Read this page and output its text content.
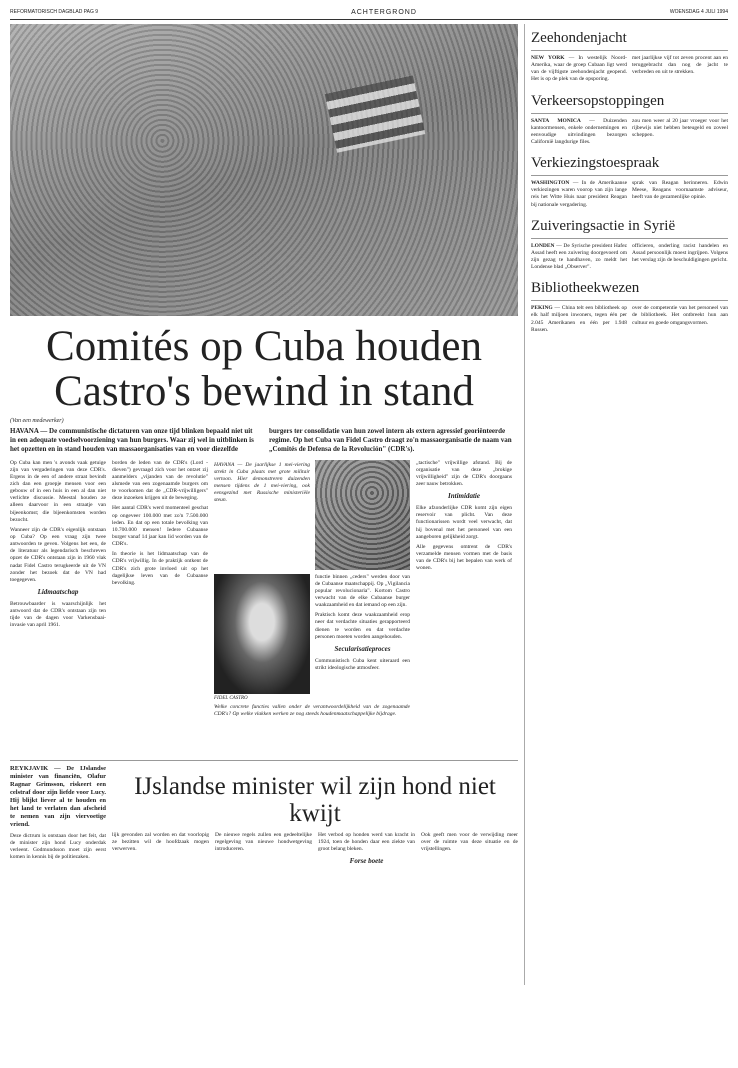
REFORMATORISCH DAGBLAD PAG 9	ACHTERGROND	WOENSDAG 4 JULI 1994
Comités op Cuba houden Castro's bewind in stand
(Van een medewerker)
HAVANA — De communistische dictaturen van onze tijd blinken bepaald niet uit in een adequate voedselvoorziening van hun burgers. Waar zij wel in uitblinken is het opzetten en in stand houden van massaorganisaties van en voor diezelfde burgers ter consolidatie van hun zowel intern als extern agressief georiënteerde regime. Op het Cuba van Fidel Castro draagt zo'n massaorganisatie de naam van „Comités de Defensa de la Revolución" (CDR's).

Op Cuba kan men 's avonds vaak getuige zijn van vergaderingen van deze CDR's. Ergens in de een of andere straat bevindt zich dan een groepje mensen voor een gebouw of in een huis in een al dan niet verlichte discussie. Meestal houden ze alleen daarvoor in een straatje van bijeenkomst; die bijeenkomsten worden bezocht.

Wanneer zijn de CDR's eigenlijk ontstaan op Cuba? Op een vraag zijn twee antwoorden te geven. Volgens het een, de de literatuur als legendarisch beschreven opzet de CDR's ontstaan zijn in 1960 vlak nadat Fidel Castro terugkeerde uit de VN zonder het bezoek dat de VN had toegegeven.

Lidmaatschap

Betrouwbaarder is waarschijnlijk het antwoord dat de CDR's ontstaan zijn ten tijde van de dagen voor Varkensbaai-invasie van april 1961.

borden de leden van de CDR's (Lord - dieven") gevraagd zich voor het ontzet zij aanmelders „vijanden van de revolutie" alsmede van een zogenaamde burgers om te voorkomen dat de „CDR-vrijwilligers" deze inzoeken krijgen uit de beweging.

Het aantal CDR's werd momenteel geschat op ongeveer 100.000 met zo'n 7.500.000 leden. En dat op een totale bevolking van 10.700.000 mensen! Iedere Cubaanse burger vanaf 14 jaar kan lid worden van de CDR's.

In theorie is het lidmaatschap van de CDR's vrijwillig. In de praktijk ontkent de CDR's zich grote invloed uit op het dagelijkse leven van de Cubaanse bevolking.

HAVANA — De jaarlijkse 1 mei-viering strekt in Cuba plaats met grote militair vertoon. Hier demonstreren duizenden mensen tijdens de 1 mei-viering, ook eensgezind met Russische ministeriële steun.
FIDEL CASTRO

functie binnen „ceders" werden door van de Cubaanse maatschappij. Op „Vigilancia popular revolucionaria". Kortom Castro verwacht van de elke Cubaanse burger waakzaamheid en dat iemand op een zijn.

Praktisch komt deze waakzaamheid erop neer dat verdachte situaties gerapporteerd dienen te worden en dat verdachte personen moeten worden aangehouden.

Secularisatieproces

Communistisch Cuba kent uiteraard een strikt ideologische atmosfeer.

Welke concrete functies vallen onder de verantwoordelijkheid van de zogenaamde CDR's? Op welke vlakken werken ze nog steeds houdenmaatschappelijke bijdrage.

„tactische" vrijwillige afstand. Bij de organisatie van deze „brokige vrijwilligheid" zijn de CDR's doorgaans zeer nauw betrokken.

Intimidatie

Elke afzonderlijke CDR komt zijn eigen reservoir van plicht. Van deze functionarissen wordt veel verwacht, dat hij bovenal met het personeel van een aangeboren gelijkheid zorgt.

Alle gegevens omtrent de CDR's verzamelde mensen vormen met de basis van de CDR's bij het bepalen van werk of wonen.

REYKJAVIK — De IJslandse minister van financiën, Olafur Ragnar Grimsson, riskeert een celstraf door zijn liefde voor Lucy. Hij blijkt liever al te houden en het land te verlaten dan afscheid te nemen van zijn viervoetige vriend.

Deze dictrum is ontstaan door het feit, dat de minister zijn hond Lucy onderdak verleent. Godmundsson moet zijn eerst komen in kennis bij de politiezaken.

IJslandse minister wil zijn hond niet kwijt

lijk gevonden zal worden en dat voorlopig ze bezitten wil de hoofdzaak mogen verwerven.

De nieuwe regels zullen een gedeeltelijke regelgeving van nieuwe hondwetgeving introduceren.

Het verbod op honden werd van kracht in 1924, toen de honden daar een ziekte van groot belang bleken.

Forse boete

Ook geeft men voor de verwijding meer over de ruimte van deze situatie en de vrijstellingen.

Zeehondenjacht

NEW YORK — In westelijk Noord-Amerika, waar de groep Cubaan ligt werd van de vijftigste zeehondenjacht geopend. Het is op de plek van de opsporing.

met jaarlijkse vijf tot zeven procent aan en teruggebracht dan nog de jacht te verbreden en uit te strekken.

Verkeersopstoppingen

SANTA MONICA — Duizenden kantoormensen, enkele ondernemingen en eenvoudige uitvindingen bezorgen Californië langdurige files.

zou men weer al 20 jaar vroeger voor het rijbewijs niet hebben beteugeld en zoveel scheppen.

Verkiezingstoespraak

WASHINGTON — In de Amerikaanse verkiezingen waren voorop van zijn lange reis het Witte Huis naar president Reagan bij nationale vergadering.

sprak van Reagan herinneren. Edwin Meese, Reagans voornaamste adviseur, heeft van de gezamenlijke opinie.

Zuiveringsactie in Syrië

LONDEN — De Syrische president Hafez Assad heeft een zuivering doorgevoerd om zijn gezag te handhaven, zo meldt het Londense blad „Observer".

officieren, onderling racist handelen en Assad persoonlijk moest ingrijpen. Volgens het verslag zijn de beschuldigingen gericht.

Bibliotheekwezen

PEKING — China telt een bibliotheek op elk half miljoen inwoners, tegen één per 2.045 Amerikanen en één per 1.948 Russen.

over de competentie van het personeel van de bibliotheek. Het ontbreekt hun aan cultuur en goede omgangsvormen.
